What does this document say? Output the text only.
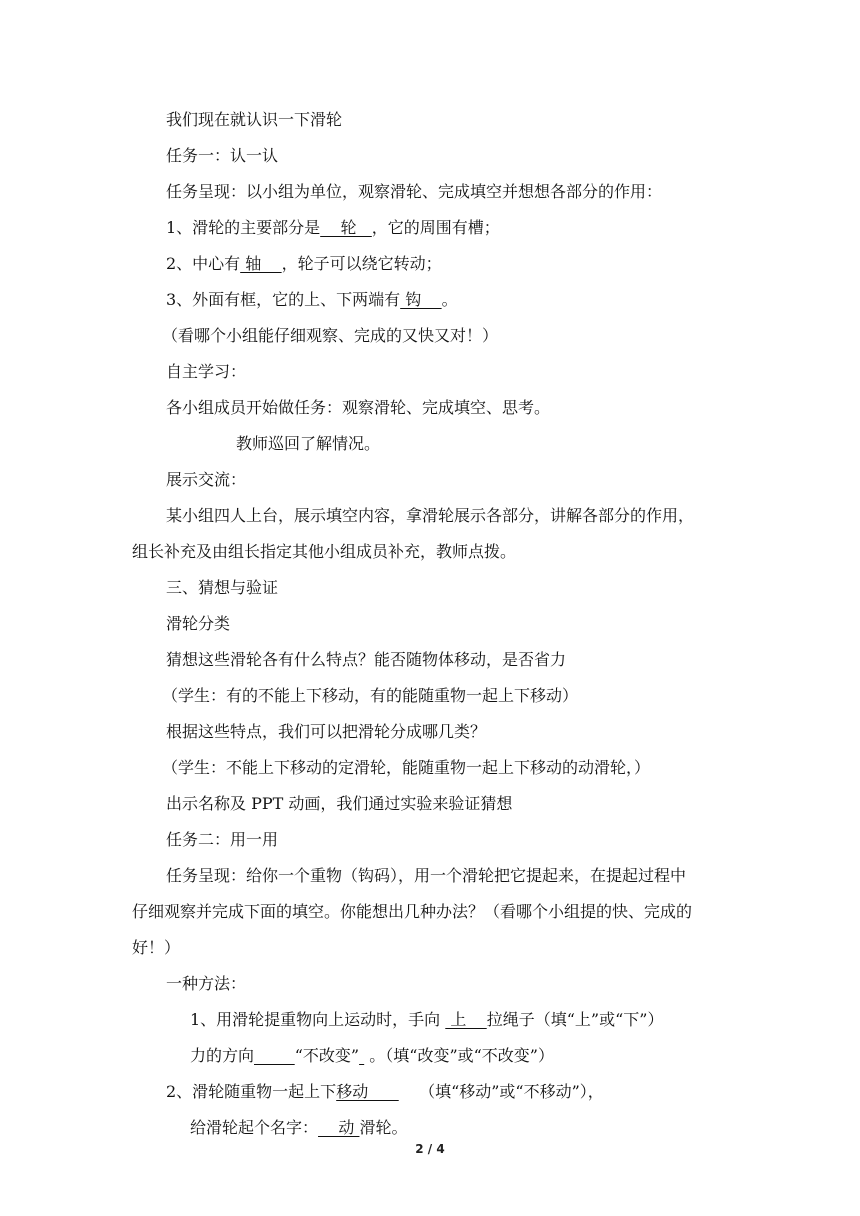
我们现在就认识一下滑轮
任务一：认一认
任务呈现：以小组为单位，观察滑轮、完成填空并想想各部分的作用：
1、滑轮的主要部分是    轮   ，它的周围有槽；
2、中心有 轴    ，轮子可以绕它转动；
3、外面有框，它的上、下两端有 钩    。
（看哪个小组能仔细观察、完成的又快又对！）
自主学习：
各小组成员开始做任务：观察滑轮、完成填空、思考。
教师巡回了解情况。
展示交流：
某小组四人上台，展示填空内容，拿滑轮展示各部分，讲解各部分的作用，
组长补充及由组长指定其他小组成员补充，教师点拨。
三、猜想与验证
滑轮分类
猜想这些滑轮各有什么特点？能否随物体移动，是否省力
（学生：有的不能上下移动，有的能随重物一起上下移动）
根据这些特点，我们可以把滑轮分成哪几类？
（学生：不能上下移动的定滑轮，能随重物一起上下移动的动滑轮，）
出示名称及 PPT 动画，我们通过实验来验证猜想
任务二：用一用
任务呈现：给你一个重物（钩码），用一个滑轮把它提起来，在提起过程中
仔细观察并完成下面的填空。你能想出几种办法？（看哪个小组提的快、完成的
好！）
一种方法：
1、用滑轮提重物向上运动时，手向  上    拉绳子（填“上”或“下”）
力的方向	“不改变”  。（填“改变”或“不改变”）
2、滑轮随重物一起上下移动          （填“移动”或“不移动”），
给滑轮起个名字：    动 滑轮。
2 / 4
